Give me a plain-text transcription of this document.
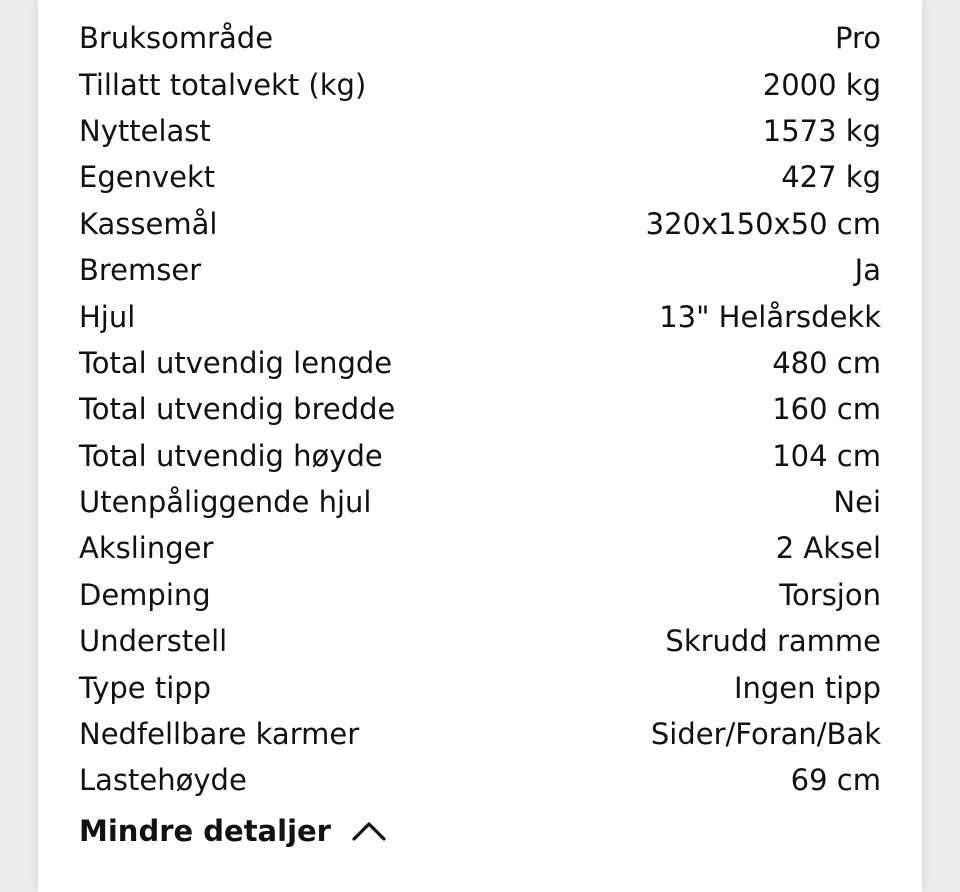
Bruksområde	Pro
Tillatt totalvekt (kg)	2000 kg
Nyttelast	1573 kg
Egenvekt	427 kg
Kassemål	320x150x50 cm
Bremser	Ja
Hjul	13" Helårsdekk
Total utvendig lengde	480 cm
Total utvendig bredde	160 cm
Total utvendig høyde	104 cm
Utenpåliggende hjul	Nei
Akslinger	2 Aksel
Demping	Torsjon
Understell	Skrudd ramme
Type tipp	Ingen tipp
Nedfellbare karmer	Sider/Foran/Bak
Lastehøyde	69 cm
Mindre detaljer
